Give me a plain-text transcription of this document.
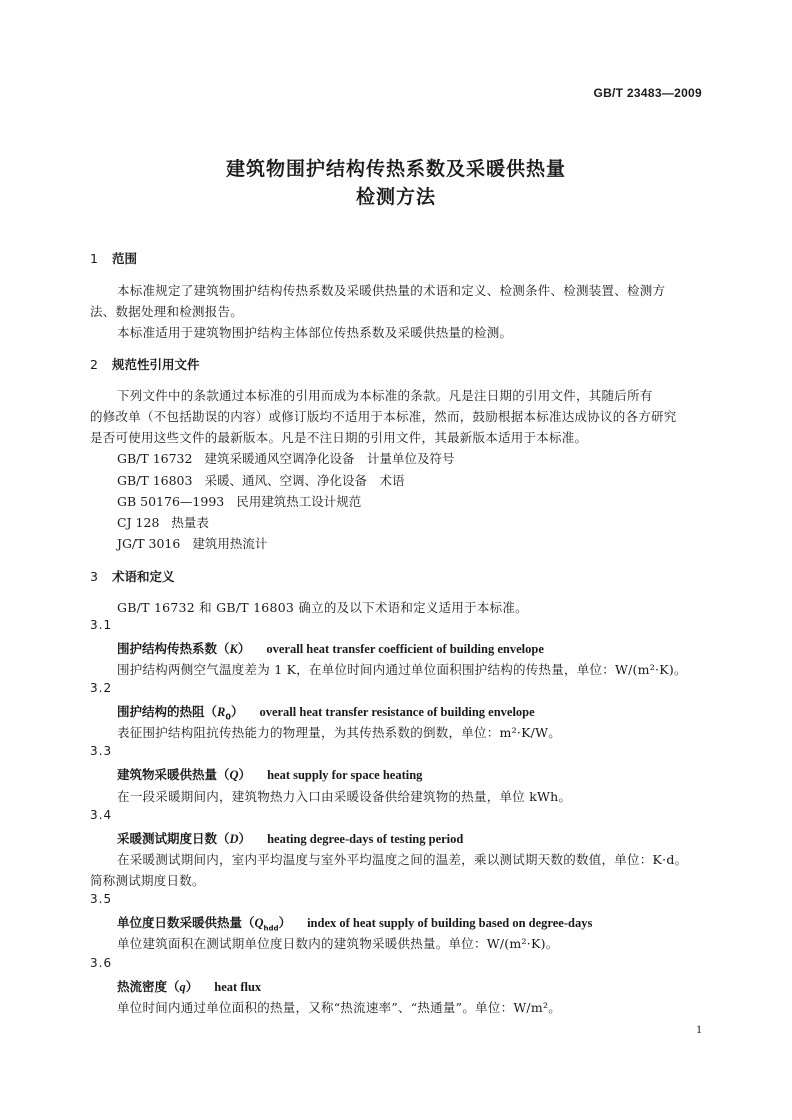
GB/T 23483—2009
建筑物围护结构传热系数及采暖供热量
检测方法
1 范围
本标准规定了建筑物围护结构传热系数及采暖供热量的术语和定义、检测条件、检测装置、检测方
法、数据处理和检测报告。
本标准适用于建筑物围护结构主体部位传热系数及采暖供热量的检测。
2 规范性引用文件
下列文件中的条款通过本标准的引用而成为本标准的条款。凡是注日期的引用文件，其随后所有
的修改单（不包括勘误的内容）或修订版均不适用于本标准，然而，鼓励根据本标准达成协议的各方研究
是否可使用这些文件的最新版本。凡是不注日期的引用文件，其最新版本适用于本标准。
GB/T 16732 建筑采暖通风空调净化设备　计量单位及符号
GB/T 16803 采暖、通风、空调、净化设备　术语
GB 50176—1993 民用建筑热工设计规范
CJ 128 热量表
JG/T 3016 建筑用热流计
3 术语和定义
GB/T 16732 和 GB/T 16803 确立的及以下术语和定义适用于本标准。
3.1
围护结构传热系数（K） overall heat transfer coefficient of building envelope
围护结构两侧空气温度差为 1 K，在单位时间内通过单位面积围护结构的传热量，单位：W/(m²·K)。
3.2
围护结构的热阻$(R_0)$ overall heat transfer resistance of building envelope
表征围护结构阻抗传热能力的物理量，为其传热系数的倒数，单位：m²·K/W。
3.3
建筑物采暖供热量（Q） heat supply for space heating
在一段采暖期间内，建筑物热力入口由采暖设备供给建筑物的热量，单位 kWh。
3.4
采暖测试期度日数（D） heating degree-days of testing period
在采暖测试期间内，室内平均温度与室外平均温度之间的温差，乘以测试期天数的数值，单位：K·d。
简称测试期度日数。
3.5
单位度日数采暖供热量$(Q_{hdd})$ index of heat supply of building based on degree-days
单位建筑面积在测试期单位度日数内的建筑物采暖供热量。单位：W/(m²·K)。
3.6
热流密度（q） heat flux
单位时间内通过单位面积的热量，又称“热流速率”、“热通量”。单位：W/m²。
1
